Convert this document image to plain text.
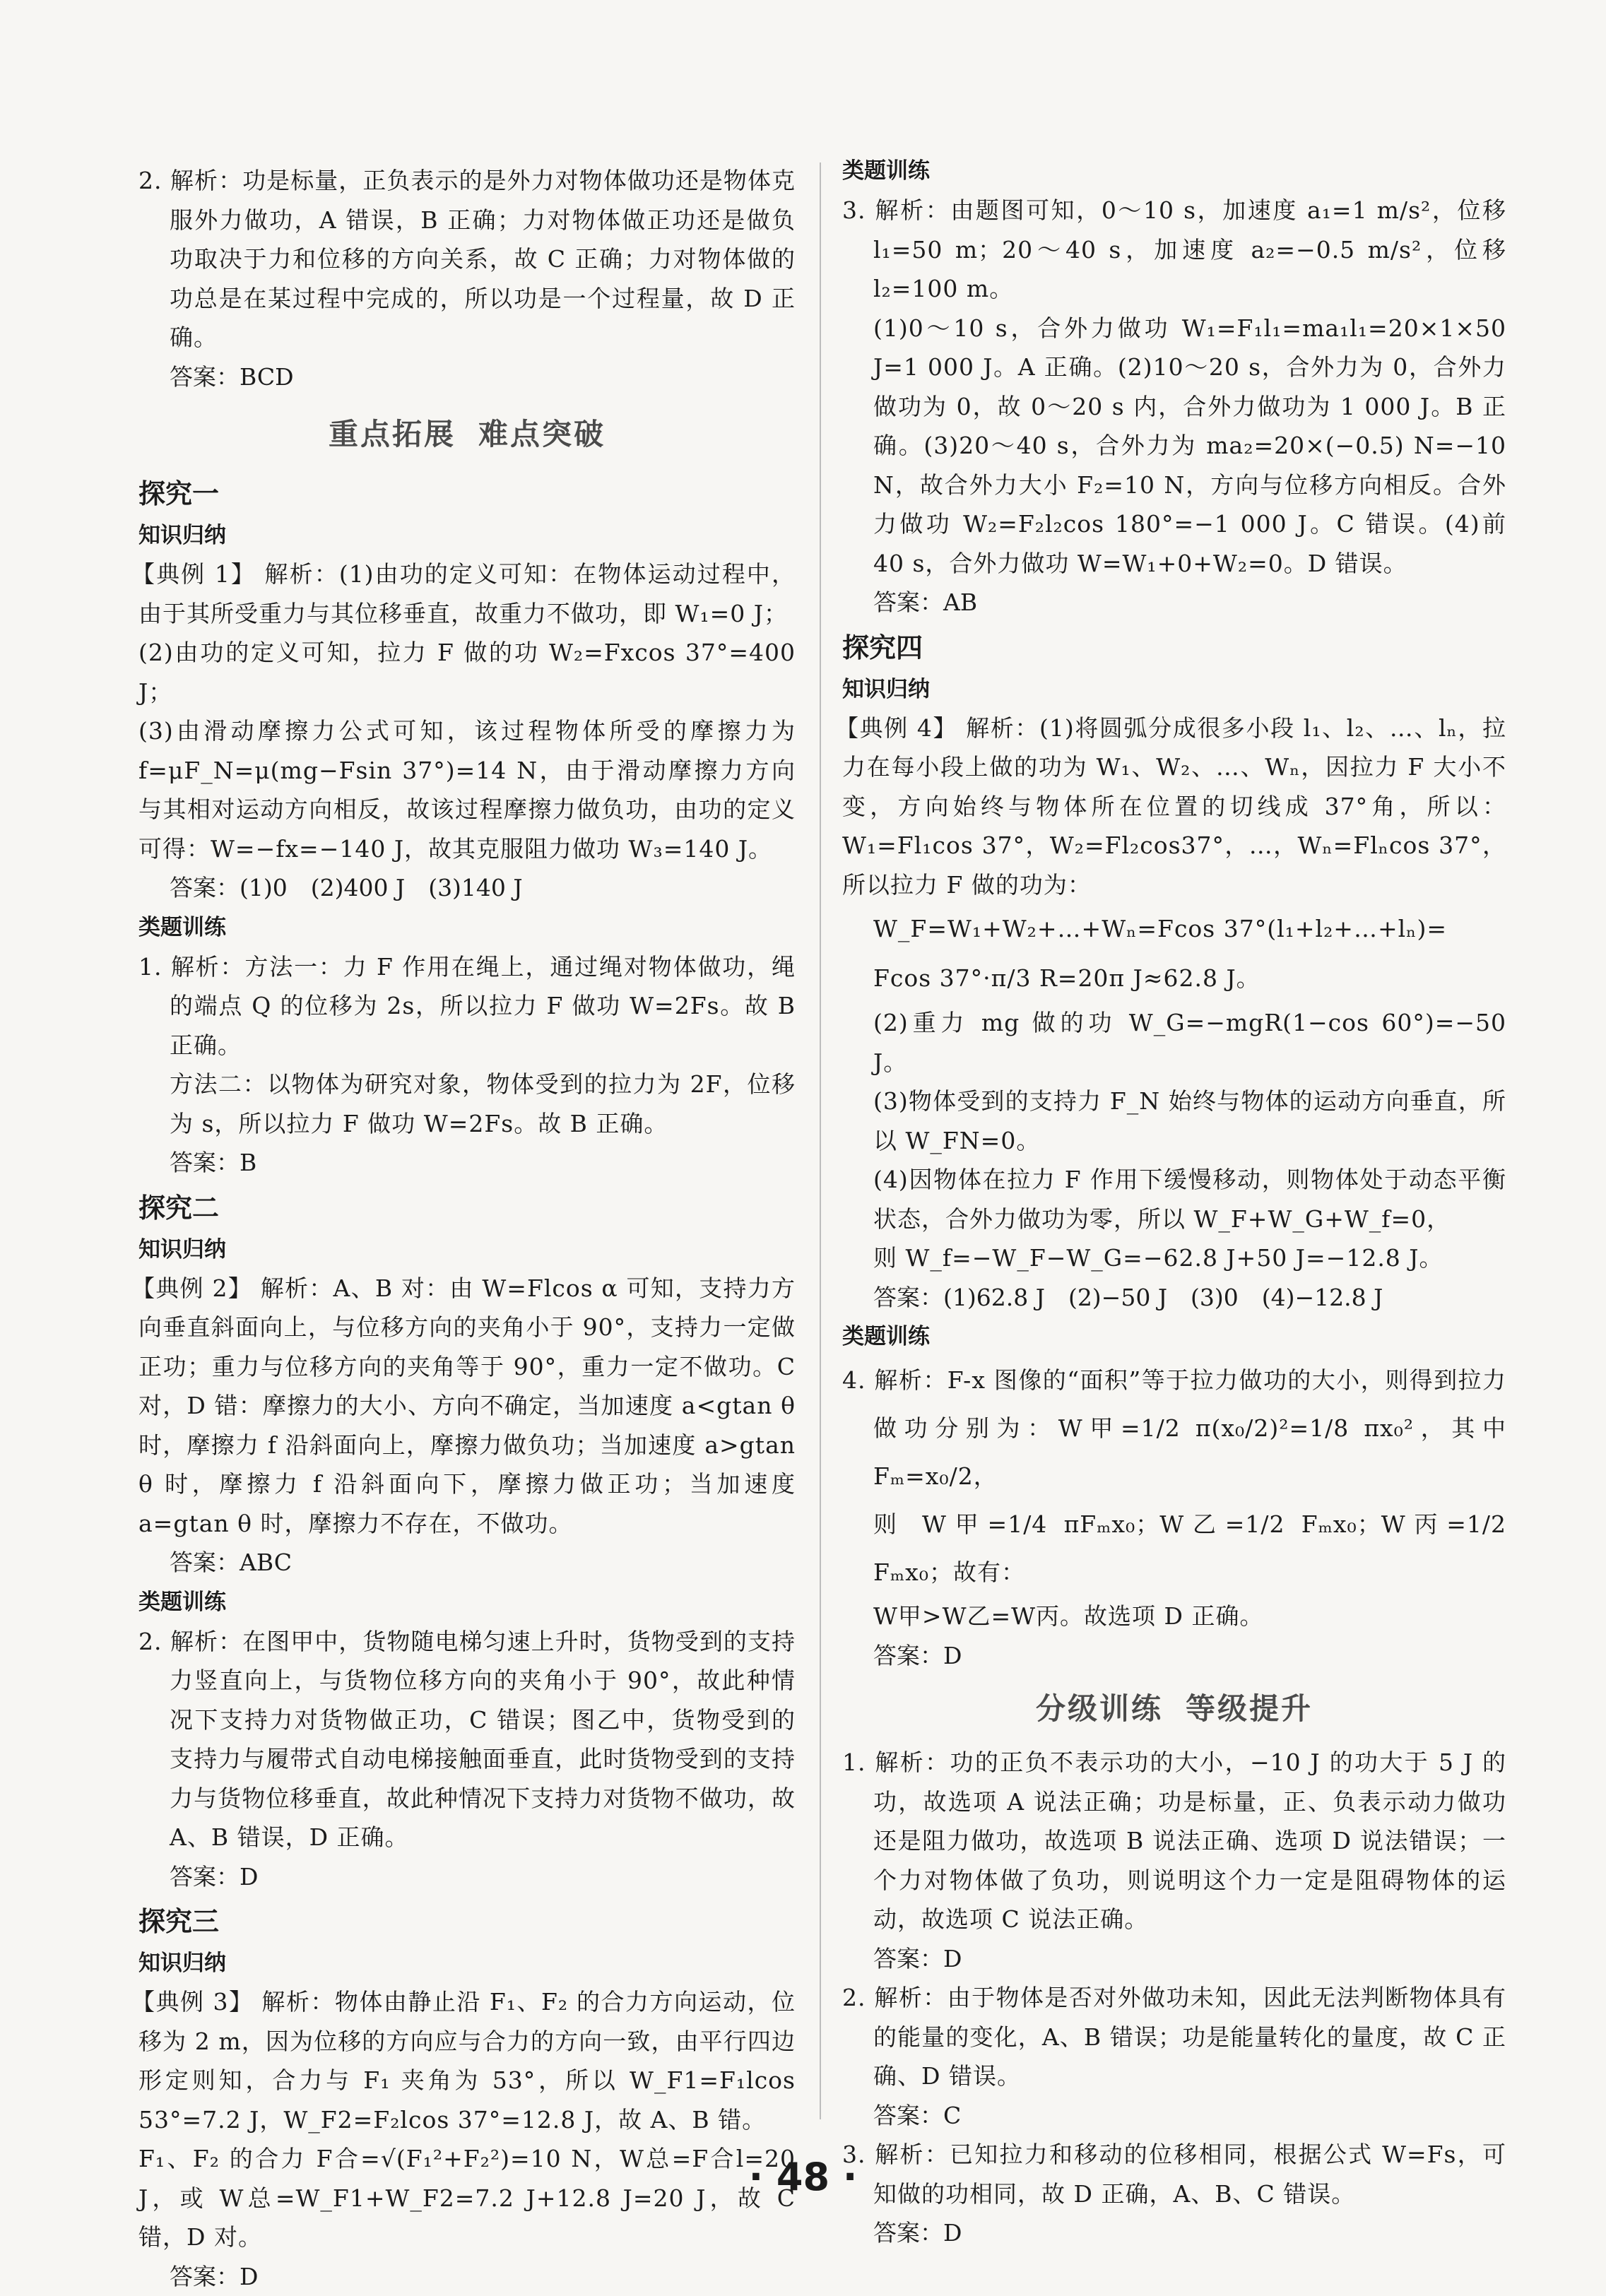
2. 解析：功是标量，正负表示的是外力对物体做功还是物体克服外力做功，A 错误，B 正确；力对物体做正功还是做负功取决于力和位移的方向关系，故 C 正确；力对物体做的功总是在某过程中完成的，所以功是一个过程量，故 D 正确。

答案：BCD
重点拓展 难点突破
探究一
知识归纳

【典例 1】 解析：(1)由功的定义可知：在物体运动过程中，由于其所受重力与其位移垂直，故重力不做功，即 W₁=0 J；

(2)由功的定义可知，拉力 F 做的功 W₂=Fxcos 37°=400 J；

(3)由滑动摩擦力公式可知，该过程物体所受的摩擦力为 f=μF_N=μ(mg−Fsin 37°)=14 N，由于滑动摩擦力方向与其相对运动方向相反，故该过程摩擦力做负功，由功的定义可得：W=−fx=−140 J，故其克服阻力做功 W₃=140 J。

答案：(1)0　(2)400 J　(3)140 J
类题训练

1. 解析：方法一：力 F 作用在绳上，通过绳对物体做功，绳的端点 Q 的位移为 2s，所以拉力 F 做功 W=2Fs。故 B 正确。

方法二：以物体为研究对象，物体受到的拉力为 2F，位移为 s，所以拉力 F 做功 W=2Fs。故 B 正确。

答案：B
探究二
知识归纳

【典例 2】 解析：A、B 对：由 W=Flcos α 可知，支持力方向垂直斜面向上，与位移方向的夹角小于 90°，支持力一定做正功；重力与位移方向的夹角等于 90°，重力一定不做功。C 对，D 错：摩擦力的大小、方向不确定，当加速度 a<gtan θ 时，摩擦力 f 沿斜面向上，摩擦力做负功；当加速度 a>gtan θ 时，摩擦力 f 沿斜面向下，摩擦力做正功；当加速度 a=gtan θ 时，摩擦力不存在，不做功。

答案：ABC
类题训练

2. 解析：在图甲中，货物随电梯匀速上升时，货物受到的支持力竖直向上，与货物位移方向的夹角小于 90°，故此种情况下支持力对货物做正功，C 错误；图乙中，货物受到的支持力与履带式自动电梯接触面垂直，此时货物受到的支持力与货物位移垂直，故此种情况下支持力对货物不做功，故 A、B 错误，D 正确。

答案：D
探究三
知识归纳

【典例 3】 解析：物体由静止沿 F₁、F₂ 的合力方向运动，位移为 2 m，因为位移的方向应与合力的方向一致，由平行四边形定则知，合力与 F₁ 夹角为 53°，所以 W_F1=F₁lcos 53°=7.2 J，W_F2=F₂lcos 37°=12.8 J，故 A、B 错。

F₁、F₂ 的合力 F合=√(F₁²+F₂²)=10 N，W总=F合l=20 J，或 W总=W_F1+W_F2=7.2 J+12.8 J=20 J，故 C 错，D 对。

答案：D
类题训练

3. 解析：由题图可知，0～10 s，加速度 a₁=1 m/s²，位移 l₁=50 m；20～40 s，加速度 a₂=−0.5 m/s²，位移 l₂=100 m。

(1)0～10 s，合外力做功 W₁=F₁l₁=ma₁l₁=20×1×50 J=1 000 J。A 正确。(2)10～20 s，合外力为 0，合外力做功为 0，故 0～20 s 内，合外力做功为 1 000 J。B 正确。(3)20～40 s，合外力为 ma₂=20×(−0.5) N=−10 N，故合外力大小 F₂=10 N，方向与位移方向相反。合外力做功 W₂=F₂l₂cos 180°=−1 000 J。C 错误。(4)前 40 s，合外力做功 W=W₁+0+W₂=0。D 错误。

答案：AB
探究四
知识归纳

【典例 4】 解析：(1)将圆弧分成很多小段 l₁、l₂、…、lₙ，拉力在每小段上做的功为 W₁、W₂、…、Wₙ，因拉力 F 大小不变，方向始终与物体所在位置的切线成 37°角，所以：W₁=Fl₁cos 37°，W₂=Fl₂cos37°，…，Wₙ=Flₙcos 37°，所以拉力 F 做的功为：

W_F=W₁+W₂+…+Wₙ=Fcos 37°(l₁+l₂+…+lₙ)=

Fcos 37°·π/3 R=20π J≈62.8 J。

(2)重力 mg 做的功 W_G=−mgR(1−cos 60°)=−50 J。

(3)物体受到的支持力 F_N 始终与物体的运动方向垂直，所以 W_FN=0。

(4)因物体在拉力 F 作用下缓慢移动，则物体处于动态平衡状态，合外力做功为零，所以 W_F+W_G+W_f=0，

则 W_f=−W_F−W_G=−62.8 J+50 J=−12.8 J。

答案：(1)62.8 J　(2)−50 J　(3)0　(4)−12.8 J
类题训练

4. 解析：F-x 图像的“面积”等于拉力做功的大小，则得到拉力做功分别为：W甲=1/2 π(x₀/2)²=1/8 πx₀²，其中 Fₘ=x₀/2，

则 W甲=1/4 πFₘx₀；W乙=1/2 Fₘx₀；W丙=1/2 Fₘx₀；故有：

W甲>W乙=W丙。故选项 D 正确。

答案：D
分级训练 等级提升

1. 解析：功的正负不表示功的大小，−10 J 的功大于 5 J 的功，故选项 A 说法正确；功是标量，正、负表示动力做功还是阻力做功，故选项 B 说法正确、选项 D 说法错误；一个力对物体做了负功，则说明这个力一定是阻碍物体的运动，故选项 C 说法正确。

答案：D

2. 解析：由于物体是否对外做功未知，因此无法判断物体具有的能量的变化，A、B 错误；功是能量转化的量度，故 C 正确、D 错误。

答案：C

3. 解析：已知拉力和移动的位移相同，根据公式 W=Fs，可知做的功相同，故 D 正确，A、B、C 错误。

答案：D
· 48 ·
